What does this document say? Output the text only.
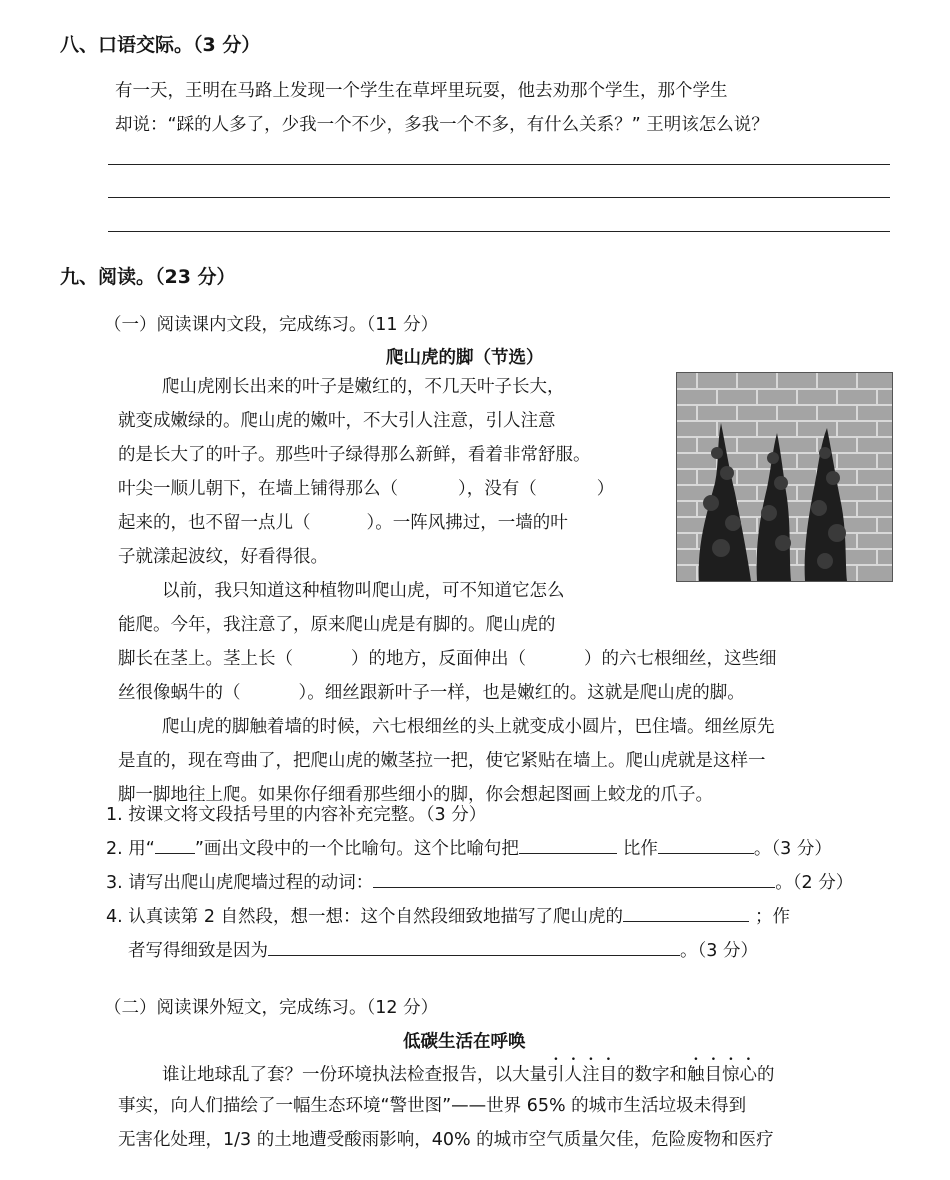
八、口语交际。（3 分）
有一天，王明在马路上发现一个学生在草坪里玩耍，他去劝那个学生，那个学生
却说：“踩的人多了，少我一个不少，多我一个不多，有什么关系？” 王明该怎么说？
九、阅读。（23 分）
（一）阅读课内文段，完成练习。（11 分）
爬山虎的脚（节选）
爬山虎刚长出来的叶子是嫩红的，不几天叶子长大，
就变成嫩绿的。爬山虎的嫩叶，不大引人注意，引人注意
的是长大了的叶子。那些叶子绿得那么新鲜，看着非常舒服。
叶尖一顺儿朝下，在墙上铺得那么（	），没有（	）
起来的，也不留一点儿（	）。一阵风拂过，一墙的叶
子就漾起波纹，好看得很。
以前，我只知道这种植物叫爬山虎，可不知道它怎么
能爬。今年，我注意了，原来爬山虎是有脚的。爬山虎的
脚长在茎上。茎上长（	）的地方，反面伸出（	）的六七根细丝，这些细
丝很像蜗牛的（	）。细丝跟新叶子一样，也是嫩红的。这就是爬山虎的脚。
爬山虎的脚触着墙的时候，六七根细丝的头上就变成小圆片，巴住墙。细丝原先
是直的，现在弯曲了，把爬山虎的嫩茎拉一把，使它紧贴在墙上。爬山虎就是这样一
脚一脚地往上爬。如果你仔细看那些细小的脚，你会想起图画上蛟龙的爪子。
1. 按课文将文段括号里的内容补充完整。（3 分）
2. 用“ ”画出文段中的一个比喻句。这个比喻句把	比作	。（3 分）
3. 请写出爬山虎爬墙过程的动词：	。（2 分）
4. 认真读第 2 自然段，想一想：这个自然段细致地描写了爬山虎的	；作
者写得细致是因为	。（3 分）
（二）阅读课外短文，完成练习。（12 分）
低碳生活在呼唤
谁让地球乱了套？一份环境执法检查报告，以大量引人注目的数字和触目惊心的
事实，向人们描绘了一幅生态环境“警世图”——世界 65% 的城市生活垃圾未得到
无害化处理，1/3 的土地遭受酸雨影响，40% 的城市空气质量欠佳，危险废物和医疗
